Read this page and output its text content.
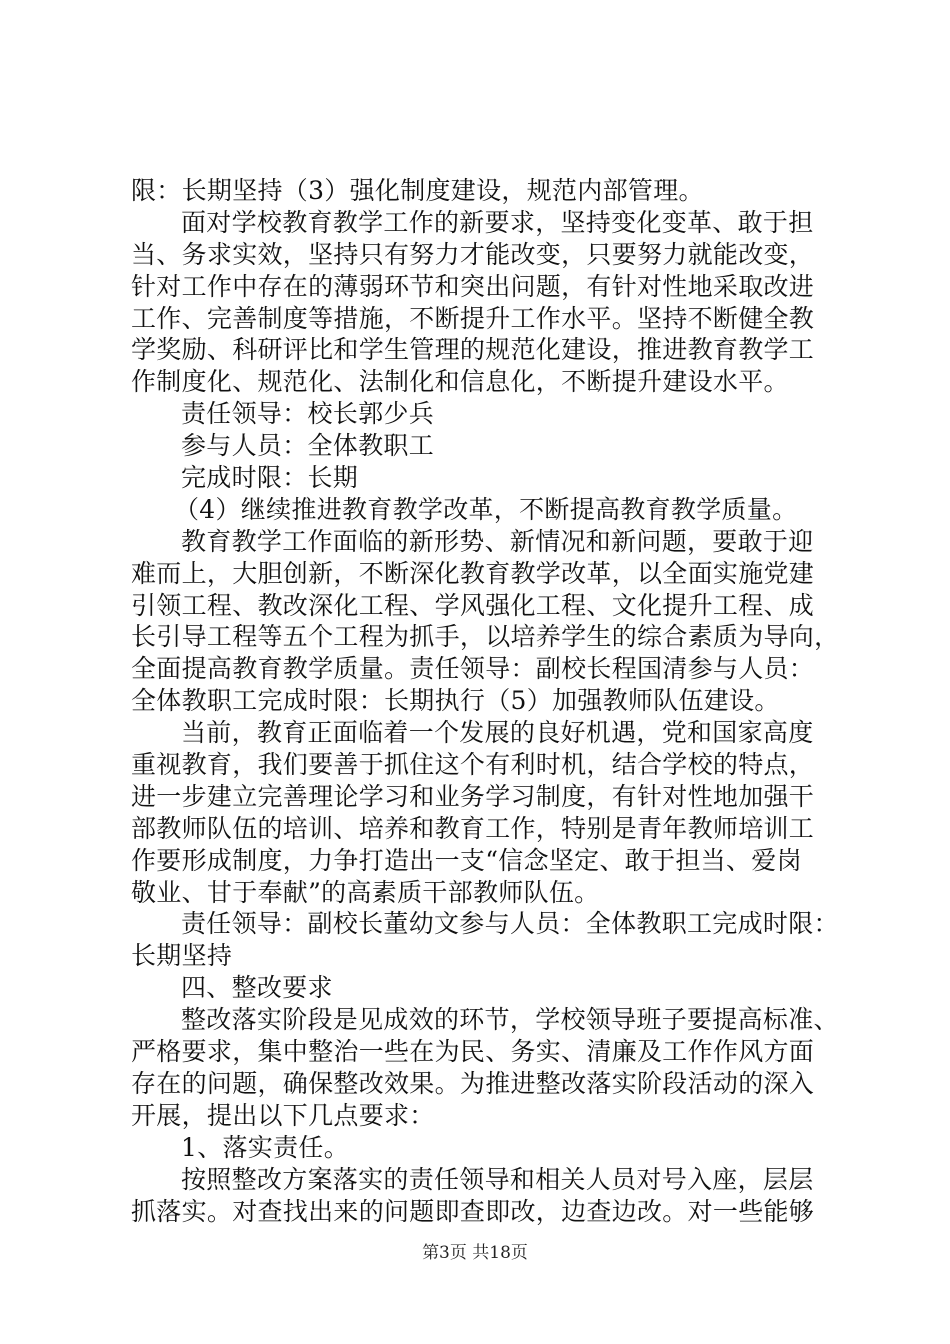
限：长期坚持（3）强化制度建设，规范内部管理。
面对学校教育教学工作的新要求，坚持变化变革、敢于担
当、务求实效，坚持只有努力才能改变，只要努力就能改变，
针对工作中存在的薄弱环节和突出问题，有针对性地采取改进
工作、完善制度等措施，不断提升工作水平。坚持不断健全教
学奖励、科研评比和学生管理的规范化建设，推进教育教学工
作制度化、规范化、法制化和信息化，不断提升建设水平。
责任领导：校长郭少兵
参与人员：全体教职工
完成时限：长期
（4）继续推进教育教学改革，不断提高教育教学质量。
教育教学工作面临的新形势、新情况和新问题，要敢于迎
难而上，大胆创新，不断深化教育教学改革，以全面实施党建
引领工程、教改深化工程、学风强化工程、文化提升工程、成
长引导工程等五个工程为抓手，以培养学生的综合素质为导向，
全面提高教育教学质量。责任领导：副校长程国清参与人员：
全体教职工完成时限：长期执行（5）加强教师队伍建设。
当前，教育正面临着一个发展的良好机遇，党和国家高度
重视教育，我们要善于抓住这个有利时机，结合学校的特点，
进一步建立完善理论学习和业务学习制度，有针对性地加强干
部教师队伍的培训、培养和教育工作，特别是青年教师培训工
作要形成制度，力争打造出一支“信念坚定、敢于担当、爱岗
敬业、甘于奉献”的高素质干部教师队伍。
责任领导：副校长董幼文参与人员：全体教职工完成时限：
长期坚持
四、整改要求
整改落实阶段是见成效的环节，学校领导班子要提高标准、
严格要求，集中整治一些在为民、务实、清廉及工作作风方面
存在的问题，确保整改效果。为推进整改落实阶段活动的深入
开展，提出以下几点要求：
1、落实责任。
按照整改方案落实的责任领导和相关人员对号入座，层层
抓落实。对查找出来的问题即查即改，边查边改。对一些能够
第3页 共18页
